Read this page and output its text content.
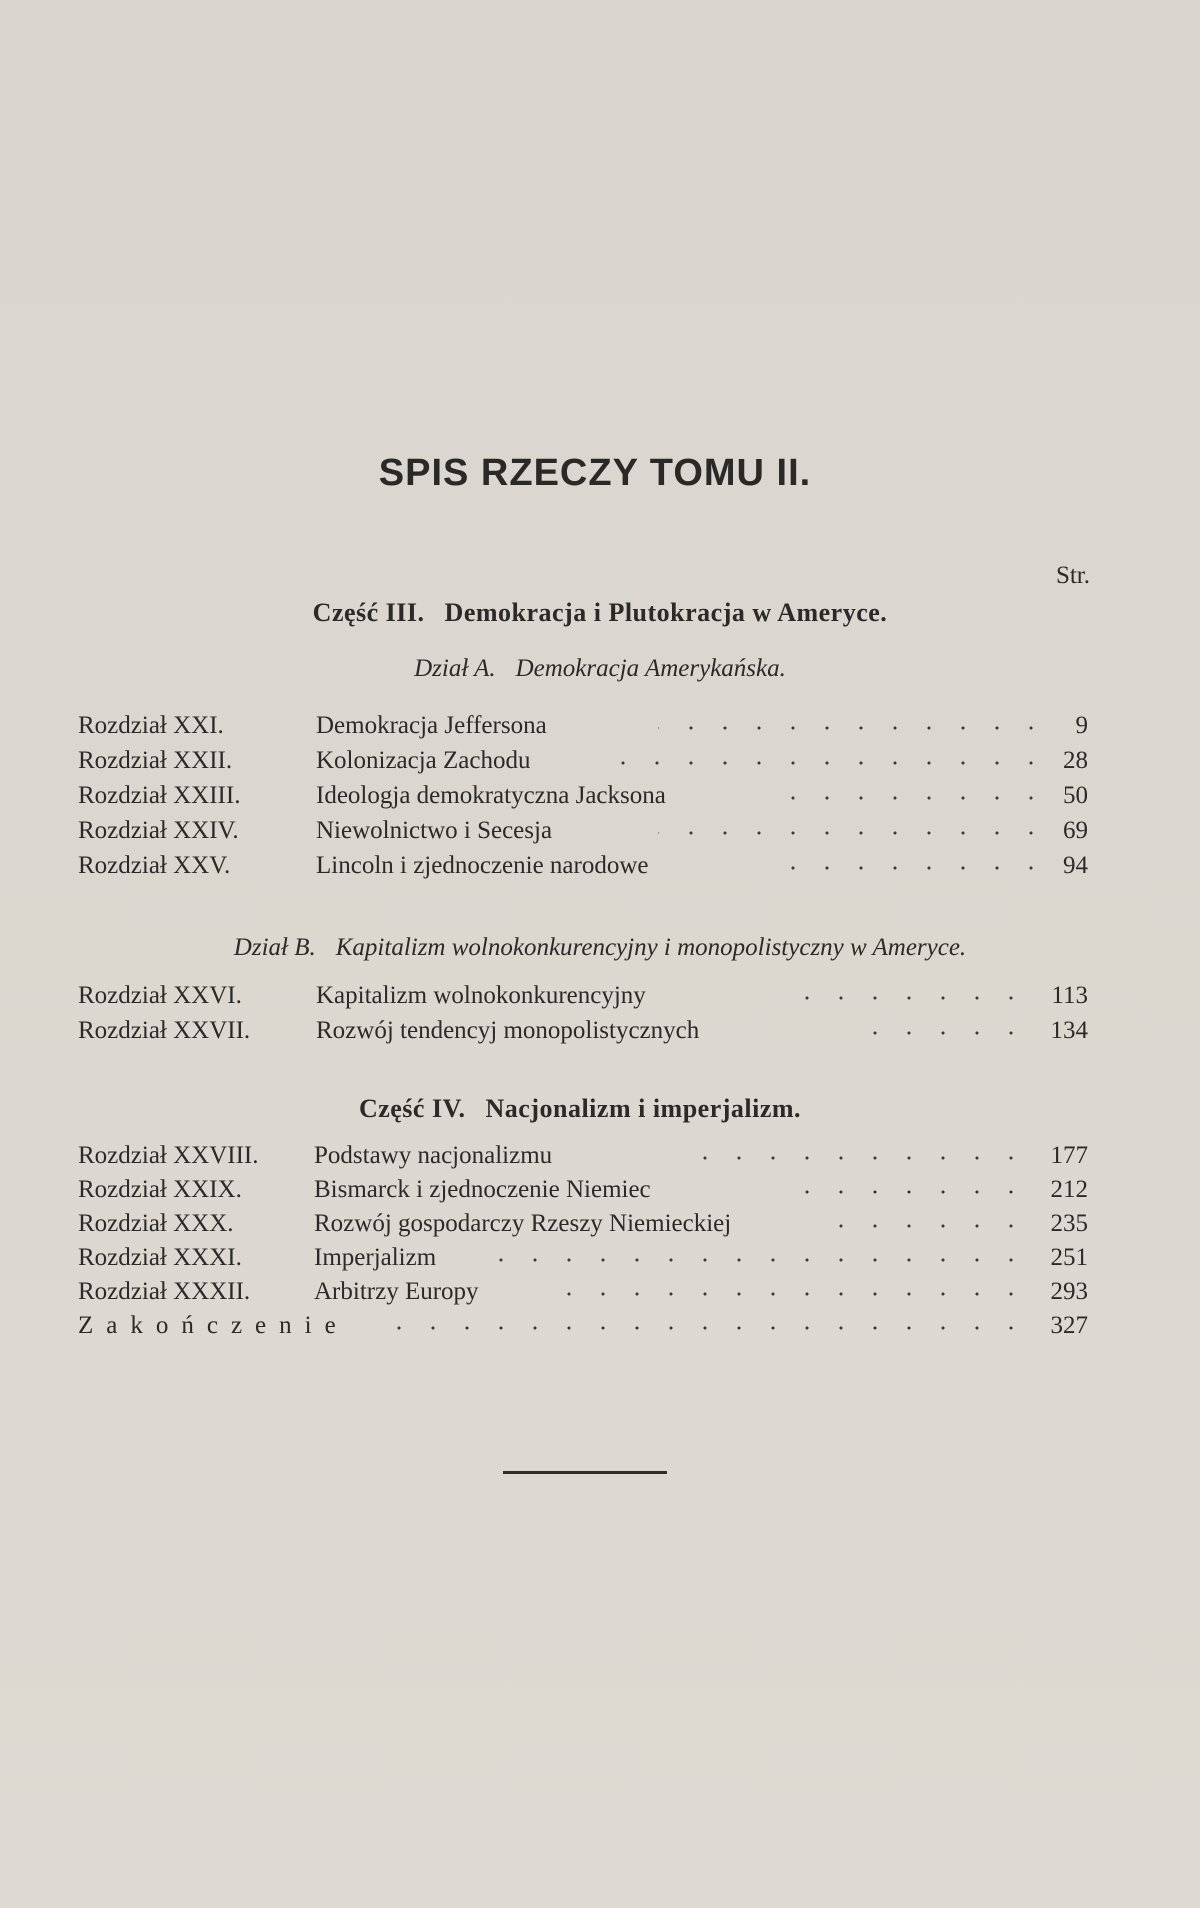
SPIS RZECZY TOMU II.
Str.
Część III. Demokracja i Plutokracja w Ameryce.
Dział A. Demokracja Amerykańska.
Rozdział XXI.	Demokracja Jeffersona	9
Rozdział XXII.	Kolonizacja Zachodu	28
Rozdział XXIII.	Ideologja demokratyczna Jacksona	50
Rozdział XXIV.	Niewolnictwo i Secesja	69
Rozdział XXV.	Lincoln i zjednoczenie narodowe	94
Dział B. Kapitalizm wolnokonkurencyjny i monopolistyczny w Ameryce.
Rozdział XXVI.	Kapitalizm wolnokonkurencyjny	113
Rozdział XXVII.	Rozwój tendencyj monopolistycznych	134
Część IV. Nacjonalizm i imperjalizm.
Rozdział XXVIII. Podstawy nacjonalizmu	177
Rozdział XXIX.	Bismarck i zjednoczenie Niemiec	212
Rozdział XXX.	Rozwój gospodarczy Rzeszy Niemieckiej	235
Rozdział XXXI.	Imperjalizm	251
Rozdział XXXII.	Arbitrzy Europy	293
Zakończenie	327
